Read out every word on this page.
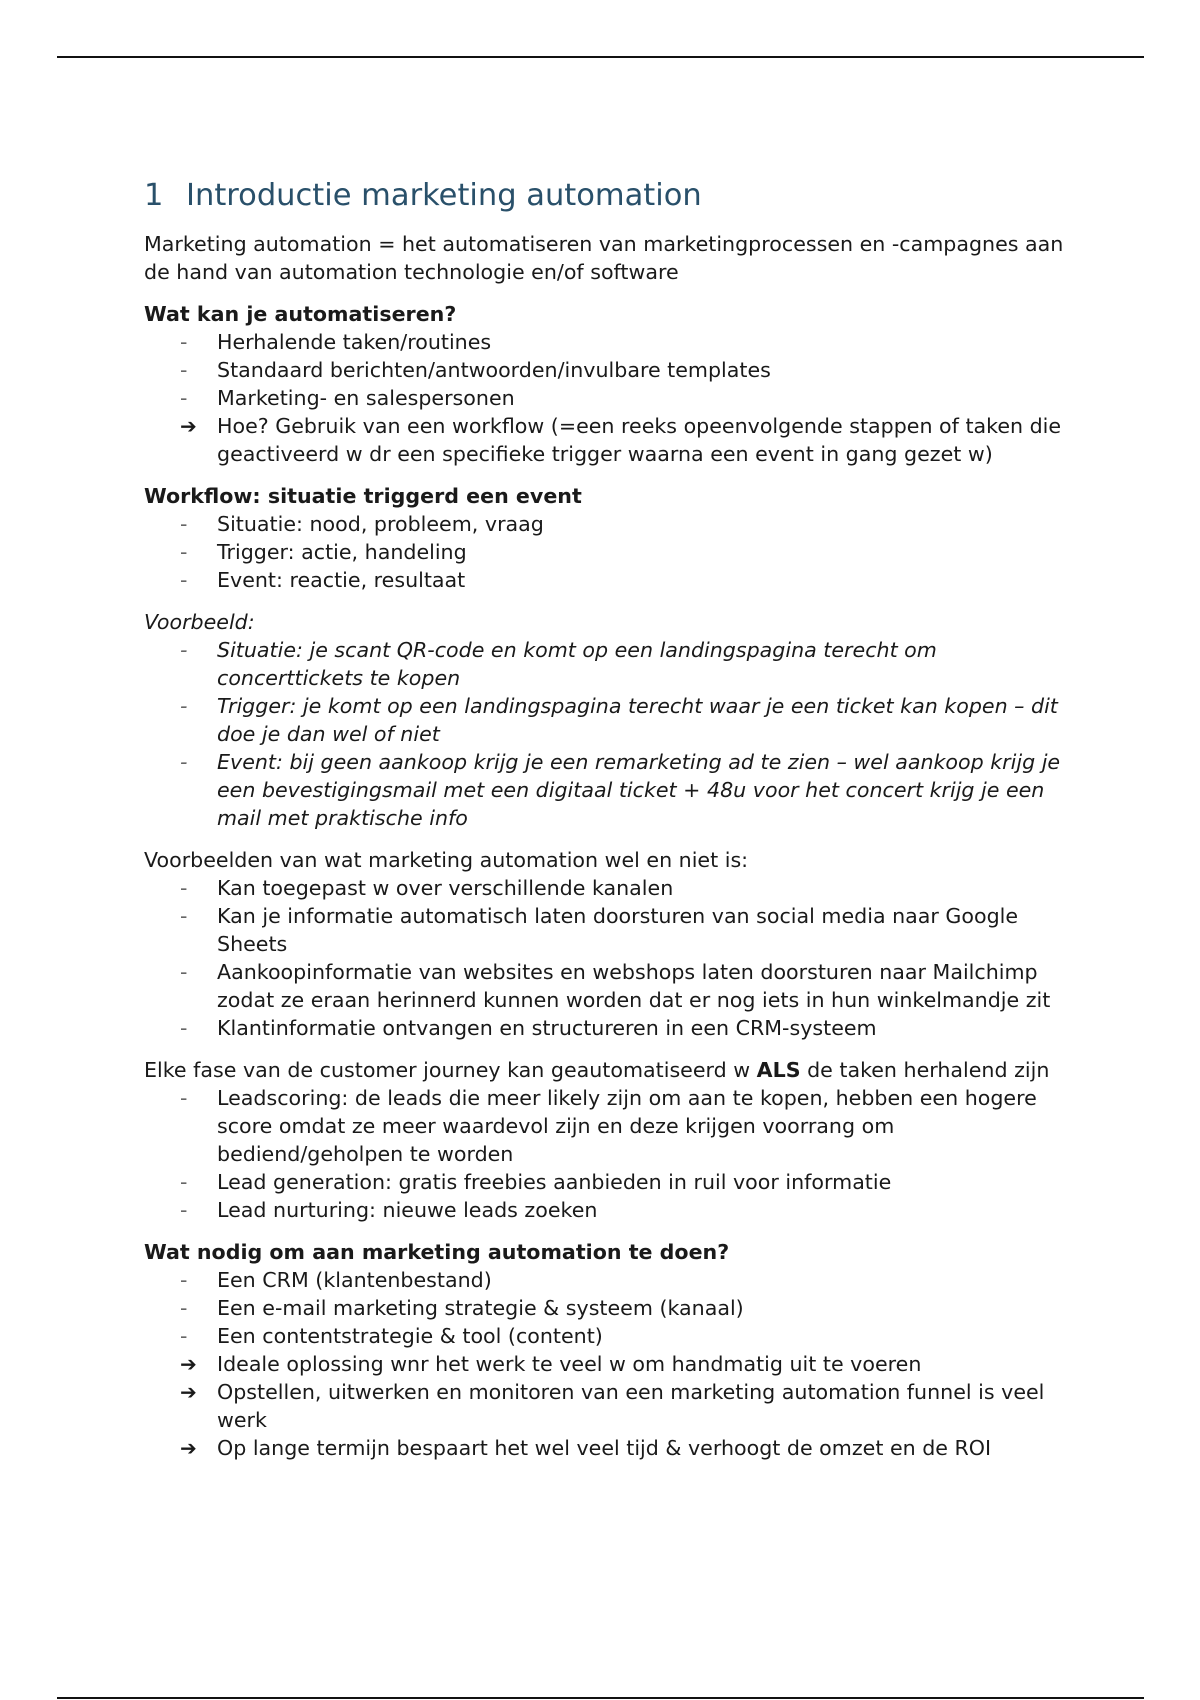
1 Introductie marketing automation

Marketing automation = het automatiseren van marketingprocessen en -campagnes aan de hand van automation technologie en/of software

Wat kan je automatiseren?

-	Herhalende taken/routines
-	Standaard berichten/antwoorden/invulbare templates
-	Marketing- en salespersonen
➔ Hoe? Gebruik van een workflow (=een reeks opeenvolgende stappen of taken die geactiveerd w dr een specifieke trigger waarna een event in gang gezet w)

Workflow: situatie triggerd een event

-	Situatie: nood, probleem, vraag
-	Trigger: actie, handeling
-	Event: reactie, resultaat

Voorbeeld:

-	Situatie: je scant QR-code en komt op een landingspagina terecht om concerttickets te kopen
-	Trigger: je komt op een landingspagina terecht waar je een ticket kan kopen – dit doe je dan wel of niet
-	Event: bij geen aankoop krijg je een remarketing ad te zien – wel aankoop krijg je een bevestigingsmail met een digitaal ticket + 48u voor het concert krijg je een mail met praktische info

Voorbeelden van wat marketing automation wel en niet is:

-	Kan toegepast w over verschillende kanalen
-	Kan je informatie automatisch laten doorsturen van social media naar Google Sheets
-	Aankoopinformatie van websites en webshops laten doorsturen naar Mailchimp zodat ze eraan herinnerd kunnen worden dat er nog iets in hun winkelmandje zit
-	Klantinformatie ontvangen en structureren in een CRM-systeem

Elke fase van de customer journey kan geautomatiseerd w ALS de taken herhalend zijn

-	Leadscoring: de leads die meer likely zijn om aan te kopen, hebben een hogere score omdat ze meer waardevol zijn en deze krijgen voorrang om bediend/geholpen te worden
-	Lead generation: gratis freebies aanbieden in ruil voor informatie
-	Lead nurturing: nieuwe leads zoeken

Wat nodig om aan marketing automation te doen?

-	Een CRM (klantenbestand)
-	Een e-mail marketing strategie & systeem (kanaal)
-	Een contentstrategie & tool (content)
➔ Ideale oplossing wnr het werk te veel w om handmatig uit te voeren
➔ Opstellen, uitwerken en monitoren van een marketing automation funnel is veel werk
➔ Op lange termijn bespaart het wel veel tijd & verhoogt de omzet en de ROI
